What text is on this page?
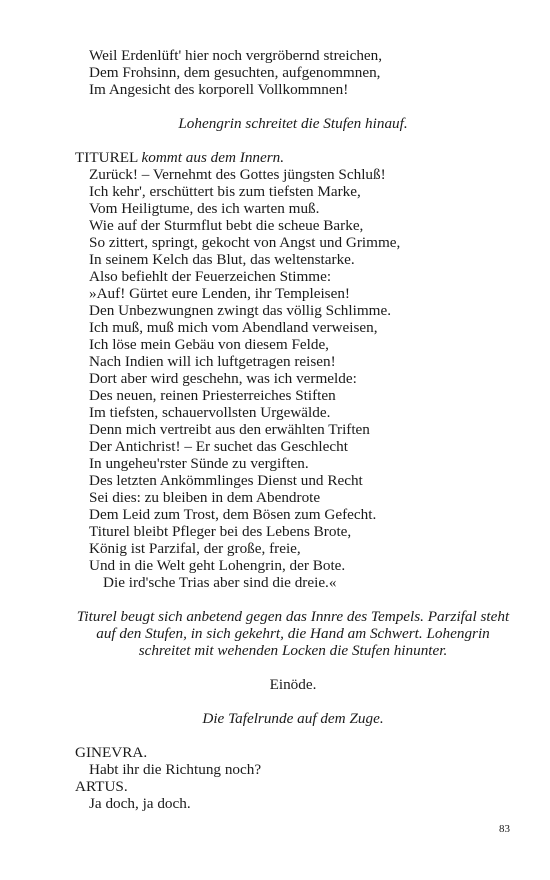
Weil Erdenlüft' hier noch vergröbernd streichen,
Dem Frohsinn, dem gesuchten, aufgenommnen,
Im Angesicht des korporell Vollkommnen!
Lohengrin schreitet die Stufen hinauf.
TITUREL kommt aus dem Innern.
Zurück! – Vernehmt des Gottes jüngsten Schluß!
Ich kehr', erschüttert bis zum tiefsten Marke,
Vom Heiligtume, des ich warten muß.
Wie auf der Sturmflut bebt die scheue Barke,
So zittert, springt, gekocht von Angst und Grimme,
In seinem Kelch das Blut, das weltenstarke.
Also befiehlt der Feuerzeichen Stimme:
»Auf! Gürtet eure Lenden, ihr Templeisen!
Den Unbezwungnen zwingt das völlig Schlimme.
Ich muß, muß mich vom Abendland verweisen,
Ich löse mein Gebäu von diesem Felde,
Nach Indien will ich luftgetragen reisen!
Dort aber wird geschehn, was ich vermelde:
Des neuen, reinen Priesterreiches Stiften
Im tiefsten, schauervollsten Urgewälde.
Denn mich vertreibt aus den erwählten Triften
Der Antichrist! – Er suchet das Geschlecht
In ungeheu'rster Sünde zu vergiften.
Des letzten Ankömmlinges Dienst und Recht
Sei dies: zu bleiben in dem Abendrote
Dem Leid zum Trost, dem Bösen zum Gefecht.
Titurel bleibt Pfleger bei des Lebens Brote,
König ist Parzifal, der große, freie,
Und in die Welt geht Lohengrin, der Bote.
Die ird'sche Trias aber sind die dreie.«
Titurel beugt sich anbetend gegen das Innre des Tempels. Parzifal steht
auf den Stufen, in sich gekehrt, die Hand am Schwert. Lohengrin
schreitet mit wehenden Locken die Stufen hinunter.
Einöde.
Die Tafelrunde auf dem Zuge.
GINEVRA.
Habt ihr die Richtung noch?
ARTUS.
Ja doch, ja doch.
83
